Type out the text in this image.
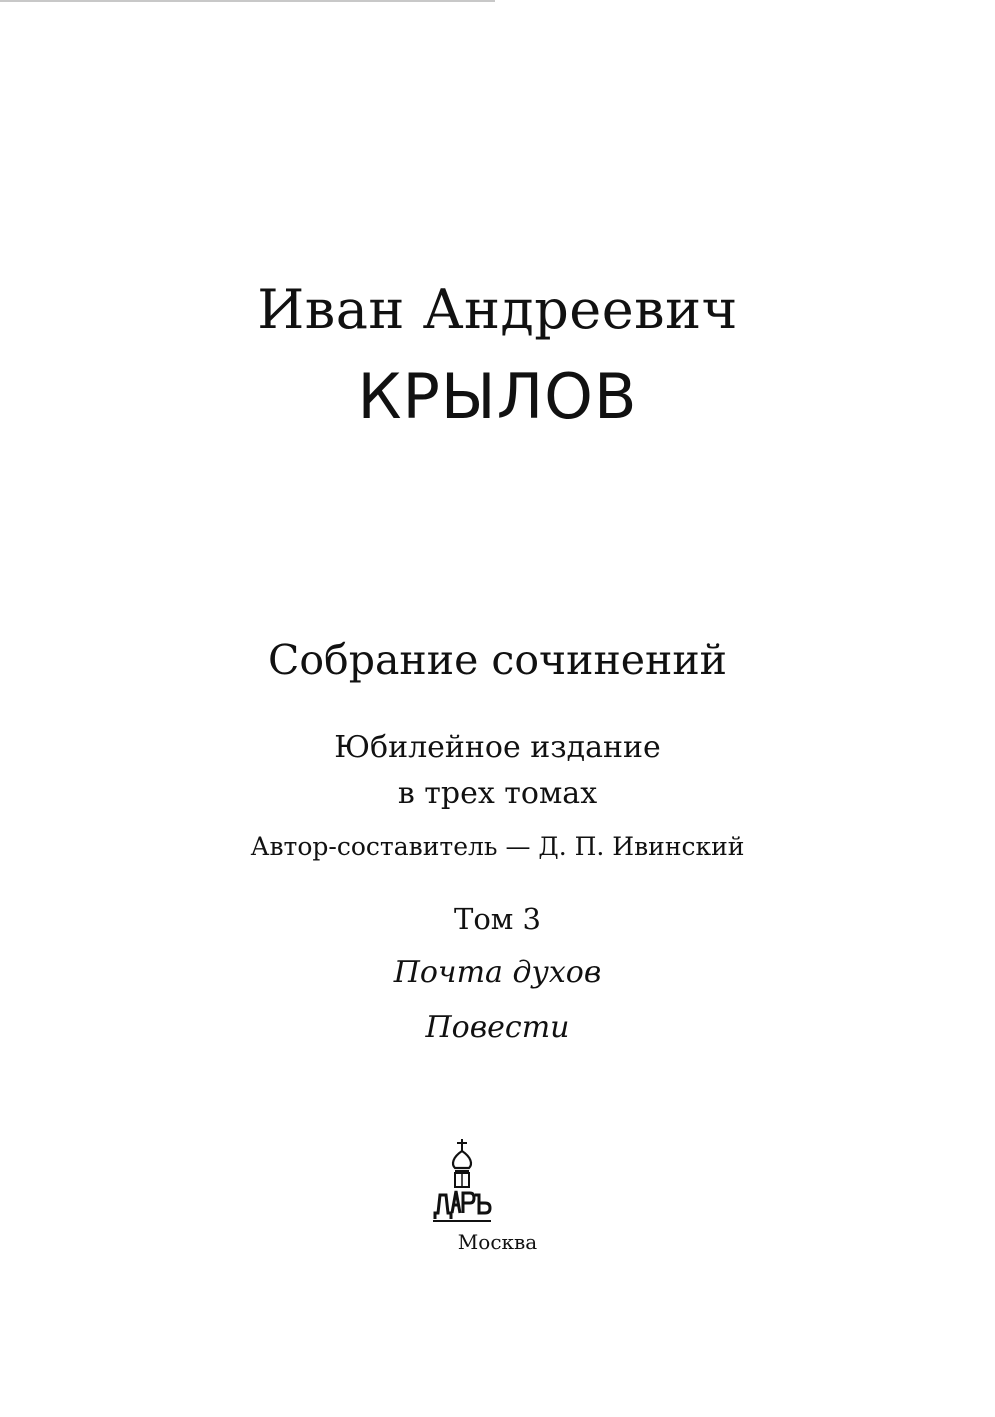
Иван Андреевич
КРЫЛОВ
Собрание сочинений
Юбилейное издание
в трех томах
Автор-составитель — Д. П. Ивинский
Том 3
Почта духов
Повести
Москва
